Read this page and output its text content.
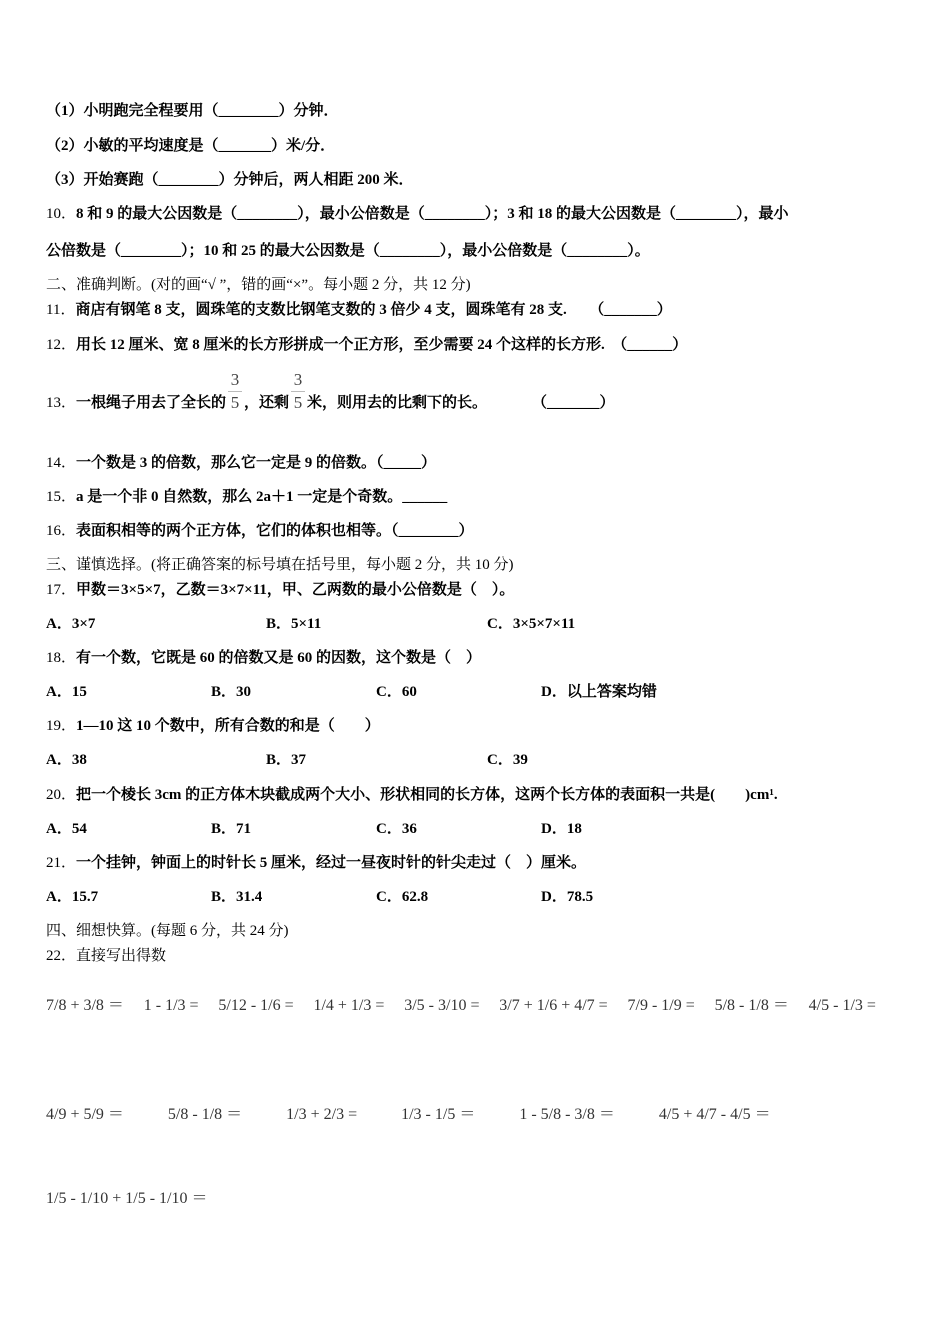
（1）小明跑完全程要用（________）分钟．
（2）小敏的平均速度是（_______）米/分．
（3）开始赛跑（________）分钟后，两人相距 200 米．
10．8 和 9 的最大公因数是（________），最小公倍数是（________）；3 和 18 的最大公因数是（________），最小
公倍数是（________）；10 和 25 的最大公因数是（________），最小公倍数是（________）。
二、准确判断。(对的画“√ ”，错的画“×”。每小题 2 分，共 12 分)
11．商店有钢笔 8 支，圆珠笔的支数比钢笔支数的 3 倍少 4 支，圆珠笔有 28 支.　　（_______）
12．用长 12 厘米、宽 8 厘米的长方形拼成一个正方形，至少需要 24 个这样的长方形.　（______）
13． 一根绳子用去了全长的
3
5 ，还剩
3
5 米，则用去的比剩下的长。　　　　（_______）
14．一个数是 3 的倍数，那么它一定是 9 的倍数。（_____）
15．a 是一个非 0 自然数，那么 2a＋1 一定是个奇数。______
16．表面积相等的两个正方体，它们的体积也相等。（________）
三、谨慎选择。(将正确答案的标号填在括号里，每小题 2 分，共 10 分)
17．甲数＝3×5×7，乙数＝3×7×11，甲、乙两数的最小公倍数是（　）。
A．3×7	B．5×11	C．3×5×7×11
18．有一个数，它既是 60 的倍数又是 60 的因数，这个数是（　）
A．15	B．30	C．60	D．以上答案均错
19．1—10 这 10 个数中，所有合数的和是（　　）
A．38	B．37	C．39
20．把一个棱长 3cm 的正方体木块截成两个大小、形状相同的长方体，这两个长方体的表面积一共是(　　)cm¹.
A．54	B．71	C．36	D．18
21．一个挂钟，钟面上的时针长 5 厘米，经过一昼夜时针的针尖走过（　）厘米。
A．15.7	B．31.4	C．62.8	D．78.5
四、细想快算。(每题 6 分，共 24 分)
22．直接写出得数
7/8 + 3/8 ＝ 1 - 1/3 = 5/12 - 1/6 = 1/4 + 1/3 = 3/5 - 3/10 = 3/7 + 1/6 + 4/7 = 7/9 - 1/9 = 5/8 - 1/8 ＝ 4/5 - 1/3 =
4/9 + 5/9 ＝	5/8 - 1/8 ＝	1/3 + 2/3 =	1/3 - 1/5 ＝	1 - 5/8 - 3/8 ＝	4/5 + 4/7 - 4/5 ＝
1/5 - 1/10 + 1/5 - 1/10 ＝
